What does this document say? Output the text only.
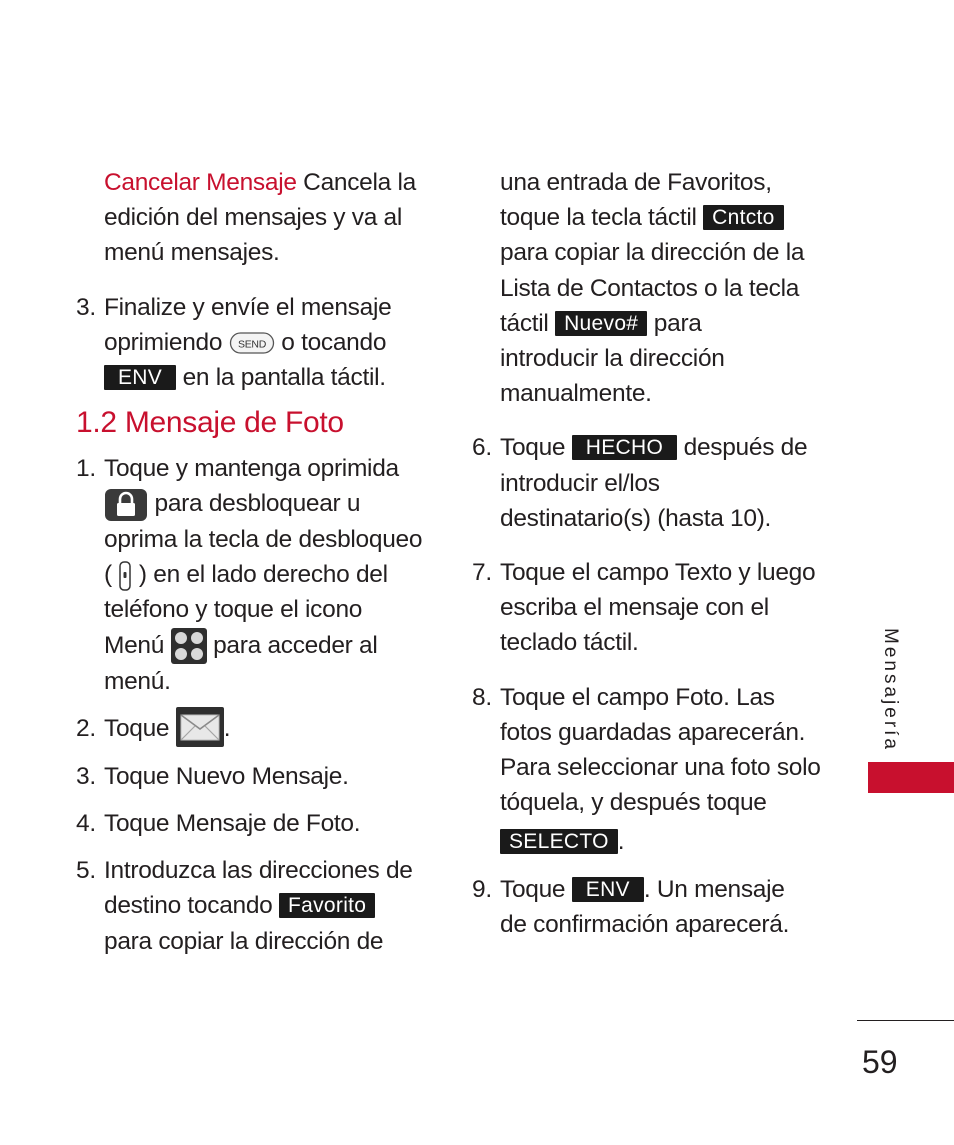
Cancelar Mensaje Cancela la
edición del mensajes y va al
menú mensajes.
3. Finalize y envíe el mensaje
oprimiendo SEND o tocando
ENV en la pantalla táctil.
1.2 Mensaje de Foto
1. Toque y mantenga oprimida
para desbloquear u
oprima la tecla de desbloqueo
(
) en el lado derecho del
teléfono y toque el icono
Menú
para acceder al
menú.
2. Toque
.
3. Toque Nuevo Mensaje.
4. Toque Mensaje de Foto.
5. Introduzca las direcciones de
destino tocando Favorito
para copiar la dirección de
una entrada de Favoritos,
toque la tecla táctil Cntcto
para copiar la dirección de la
Lista de Contactos o la tecla
táctil Nuevo# para
introducir la dirección
manualmente.
6. Toque HECHO después de
introducir el/los
destinatario(s) (hasta 10).
7. Toque el campo Texto y luego
escriba el mensaje con el
teclado táctil.
8. Toque el campo Foto. Las
fotos guardadas aparecerán.
Para seleccionar una foto solo
tóquela, y después toque
SELECTO .
9. Toque ENV . Un mensaje
de confirmación aparecerá.
Mensajería
59
